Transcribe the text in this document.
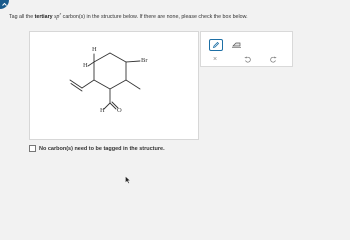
Tag all the tertiary $sp^3$ carbon(s) in the structure below. If there are none, please check the box below.
H
H
Br
H O
×
No carbon(s) need to be tagged in the structure.
